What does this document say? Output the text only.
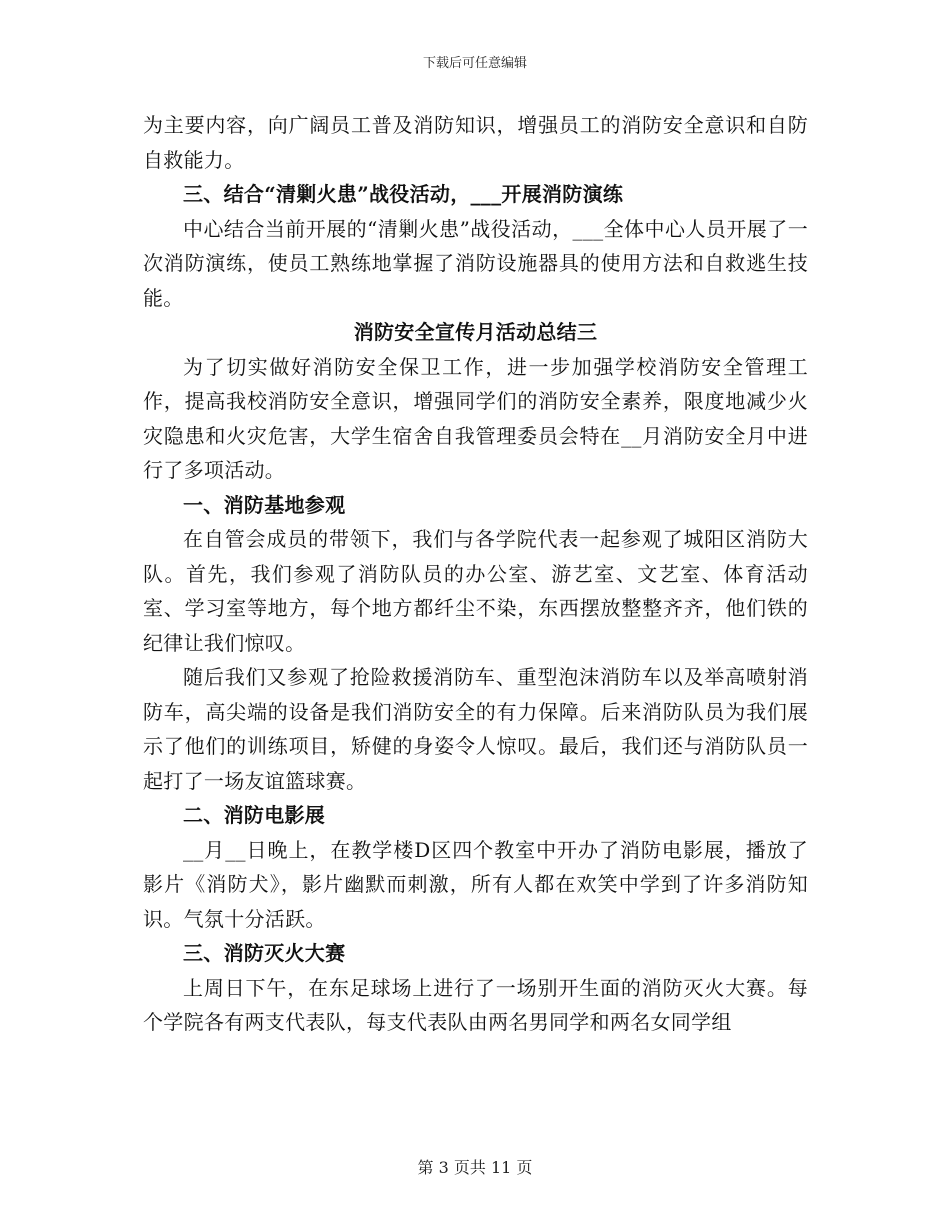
下载后可任意编辑

为主要内容，向广阔员工普及消防知识，增强员工的消防安全意识和自防自救能力。

三、结合“清剿火患”战役活动，___开展消防演练

中心结合当前开展的“清剿火患”战役活动，___全体中心人员开展了一次消防演练，使员工熟练地掌握了消防设施器具的使用方法和自救逃生技能。

消防安全宣传月活动总结三

为了切实做好消防安全保卫工作，进一步加强学校消防安全管理工作，提高我校消防安全意识，增强同学们的消防安全素养，限度地减少火灾隐患和火灾危害，大学生宿舍自我管理委员会特在__月消防安全月中进行了多项活动。

一、消防基地参观

在自管会成员的带领下，我们与各学院代表一起参观了城阳区消防大队。首先，我们参观了消防队员的办公室、游艺室、文艺室、体育活动室、学习室等地方，每个地方都纤尘不染，东西摆放整整齐齐，他们铁的纪律让我们惊叹。

随后我们又参观了抢险救援消防车、重型泡沫消防车以及举高喷射消防车，高尖端的设备是我们消防安全的有力保障。后来消防队员为我们展示了他们的训练项目，矫健的身姿令人惊叹。最后，我们还与消防队员一起打了一场友谊篮球赛。

二、消防电影展

__月__日晚上，在教学楼D区四个教室中开办了消防电影展，播放了影片《消防犬》，影片幽默而刺激，所有人都在欢笑中学到了许多消防知识。气氛十分活跃。

三、消防灭火大赛

上周日下午，在东足球场上进行了一场别开生面的消防灭火大赛。每个学院各有两支代表队，每支代表队由两名男同学和两名女同学组

第 3 页共 11 页
